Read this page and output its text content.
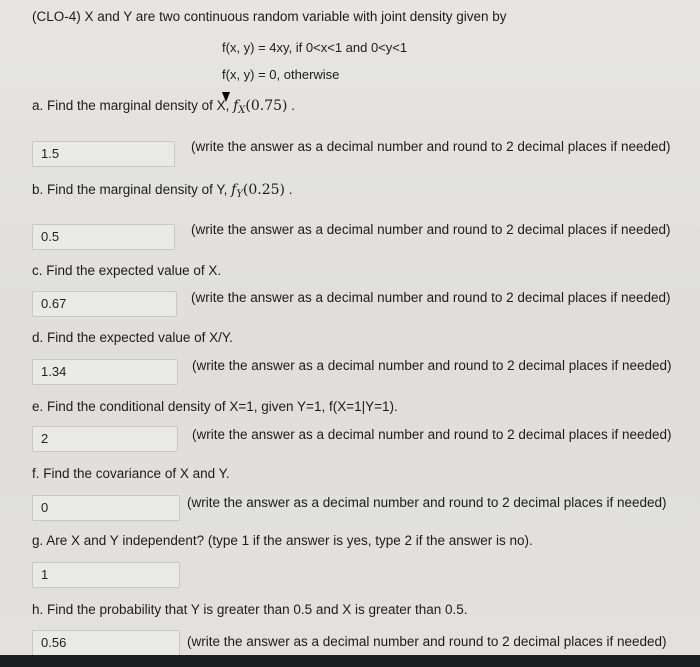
(CLO-4) X and Y are two continuous random variable with joint density given by
f(x, y) = 4xy, if 0<x<1 and 0<y<1
f(x, y) = 0, otherwise
a. Find the marginal density of X, $f_X(0.75)$ .
1.5	(write the answer as a decimal number and round to 2 decimal places if needed)
b. Find the marginal density of Y, $f_Y(0.25)$ .
0.5	(write the answer as a decimal number and round to 2 decimal places if needed)
c. Find the expected value of X.
0.67	(write the answer as a decimal number and round to 2 decimal places if needed)
d. Find the expected value of X/Y.
1.34	(write the answer as a decimal number and round to 2 decimal places if needed)
e. Find the conditional density of X=1, given Y=1, f(X=1|Y=1).
2	(write the answer as a decimal number and round to 2 decimal places if needed)
f. Find the covariance of X and Y.
0	(write the answer as a decimal number and round to 2 decimal places if needed)
g. Are X and Y independent? (type 1 if the answer is yes, type 2 if the answer is no).
1
h. Find the probability that Y is greater than 0.5 and X is greater than 0.5.
0.56	(write the answer as a decimal number and round to 2 decimal places if needed)
